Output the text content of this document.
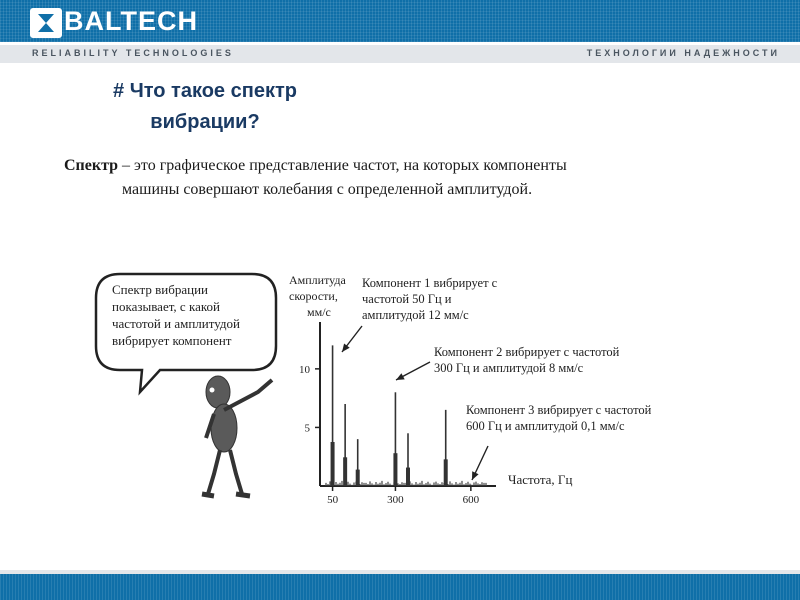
BALTECH
RELIABILITY TECHNOLOGIES	ТЕХНОЛОГИИ НАДЕЖНОСТИ
# Что такое спектр
вибрации?
Спектр – это графическое представление частот, на которых компоненты
машины совершают колебания с определенной амплитудой.
Спектр вибрации
показывает, с какой
частотой и амплитудой
вибрирует компонент
Амплитуда
скорости,
мм/с
5
10
50	300	600
Частота, Гц
Компонент 1 вибрирует с
частотой 50 Гц и
амплитудой 12 мм/с
Компонент 2 вибрирует с частотой
300 Гц и амплитудой 8 мм/с
Компонент 3 вибрирует с частотой
600 Гц и амплитудой 0,1 мм/с
